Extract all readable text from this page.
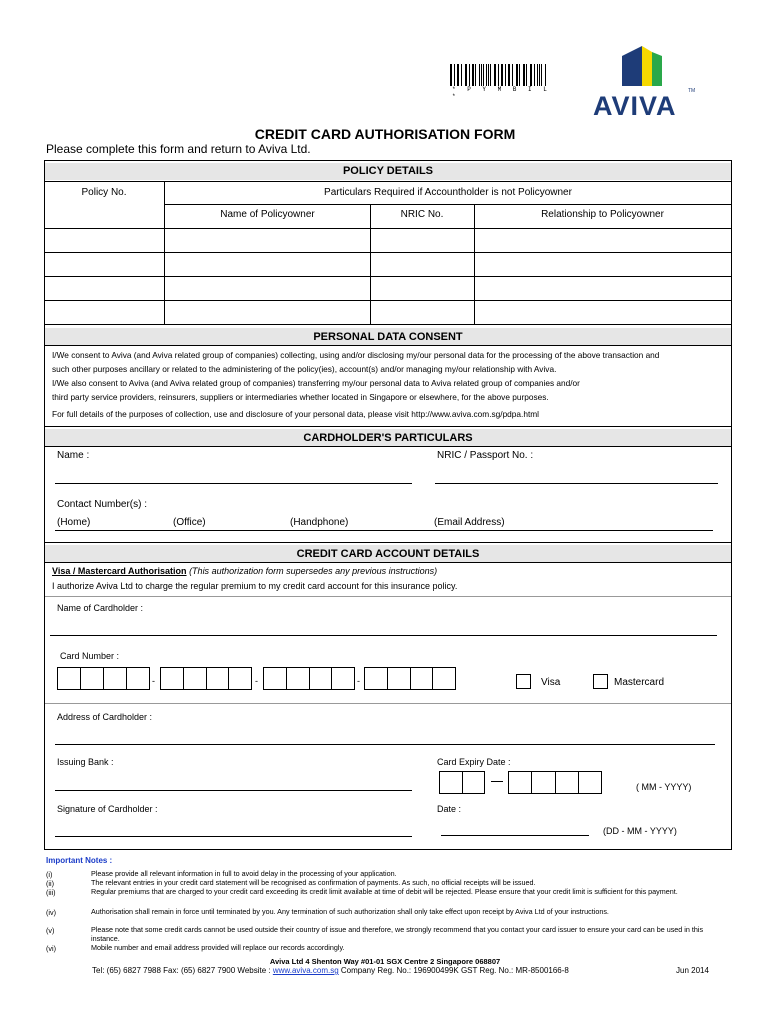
* P Y M B I L *	AVIVA TM
CREDIT CARD AUTHORISATION FORM
Please complete this form and return to Aviva Ltd.
POLICY DETAILS
Policy No.	Particulars Required if Accountholder is not Policyowner
Name of Policyowner	NRIC No.	Relationship to Policyowner
PERSONAL DATA CONSENT
I/We consent to Aviva (and Aviva related group of companies) collecting, using and/or disclosing my/our personal data for the processing of the above transaction and
such other purposes ancillary or related to the administering of the policy(ies), account(s) and/or managing my/our relationship with Aviva.
I/We also consent to Aviva (and Aviva related group of companies) transferring my/our personal data to Aviva related group of companies and/or
third party service providers, reinsurers, suppliers or intermediaries whether located in Singapore or elsewhere, for the above purposes.
For full details of the purposes of collection, use and disclosure of your personal data, please visit http://www.aviva.com.sg/pdpa.html
CARDHOLDER'S PARTICULARS
Name :	NRIC / Passport No. :
Contact Number(s) :
(Home)	(Office)	(Handphone)	(Email Address)
CREDIT CARD ACCOUNT DETAILS
Visa / Mastercard Authorisation (This authorization form supersedes any previous instructions)
I authorize Aviva Ltd to charge the regular premium to my credit card account for this insurance policy.
Name of Cardholder :
Card Number :
-	-	-	Visa	Mastercard
Address of Cardholder :
Issuing Bank :	Card Expiry Date :
( MM - YYYY)
Signature of Cardholder :	Date :
(DD - MM - YYYY)
Important Notes :
(i)	Please provide all relevant information in full to avoid delay in the processing of your application.
(ii)	The relevant entries in your credit card statement will be recognised as confirmation of payments. As such, no official receipts will be issued.
(iii)	Regular premiums that are charged to your credit card exceeding its credit limit available at time of debit will be rejected. Please ensure that your credit limit is sufficient for this payment.
(iv)	Authorisation shall remain in force until terminated by you. Any termination of such authorization shall only take effect upon receipt by Aviva Ltd of your instructions.
(v)	Please note that some credit cards cannot be used outside their country of issue and therefore, we strongly recommend that you contact your card issuer to ensure your card can be used in this instance.
(vi)	Mobile number and email address provided will replace our records accordingly.
Aviva Ltd 4 Shenton Way #01-01 SGX Centre 2 Singapore 068807
Tel: (65) 6827 7988 Fax: (65) 6827 7900 Website : www.aviva.com.sg Company Reg. No.: 196900499K GST Reg. No.: MR-8500166-8	Jun 2014
